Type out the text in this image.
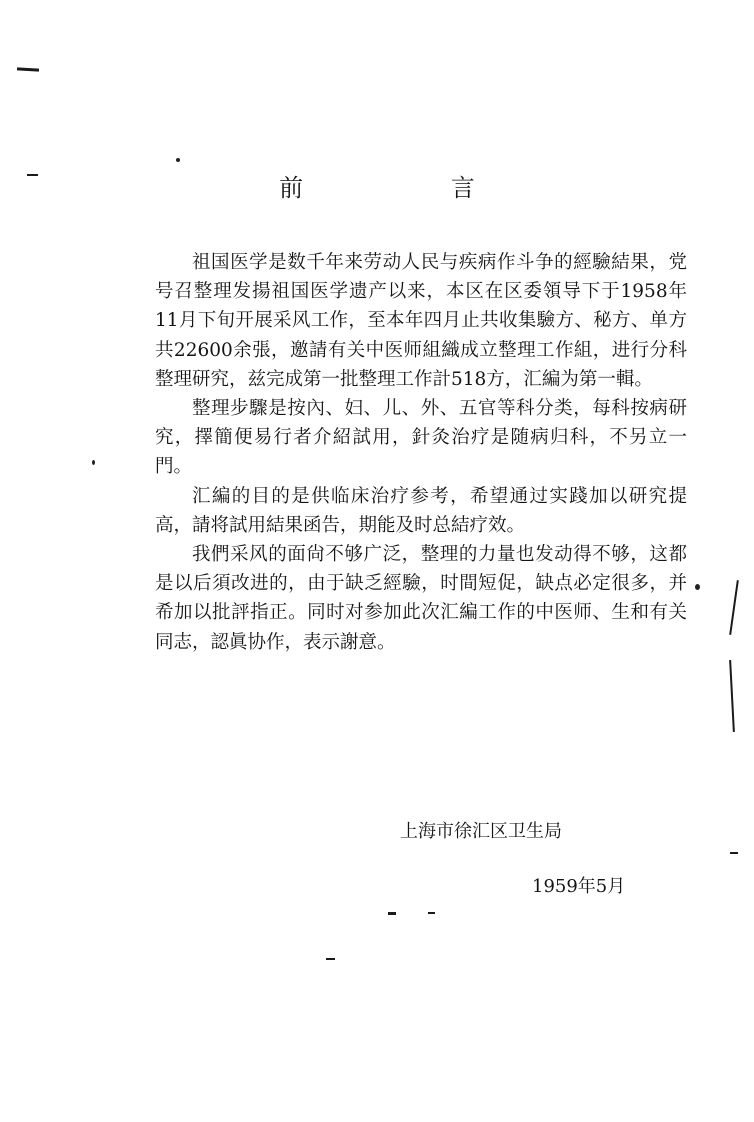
前 言

祖国医学是数千年来劳动人民与疾病作斗争的經驗結果，党号召整理发揚祖国医学遗产以来，本区在区委領导下于1958年11月下旬开展采风工作，至本年四月止共收集驗方、秘方、单方共22600余張，邀請有关中医师組織成立整理工作組，进行分科整理研究，兹完成第一批整理工作計518方，汇編为第一輯。

整理步驟是按內、妇、儿、外、五官等科分类，每科按病研究，擇簡便易行者介紹試用，針灸治疗是随病归科，不另立一門。

汇編的目的是供临床治疗参考，希望通过实踐加以研究提高，請将試用結果函告，期能及时总結疗效。

我們采风的面尙不够广泛，整理的力量也发动得不够，这都是以后須改进的，由于缺乏經驗，时間短促，缺点必定很多，并希加以批評指正。同时对参加此次汇編工作的中医师、生和有关同志，認眞协作，表示謝意。

上海市徐汇区卫生局
1959年5月
